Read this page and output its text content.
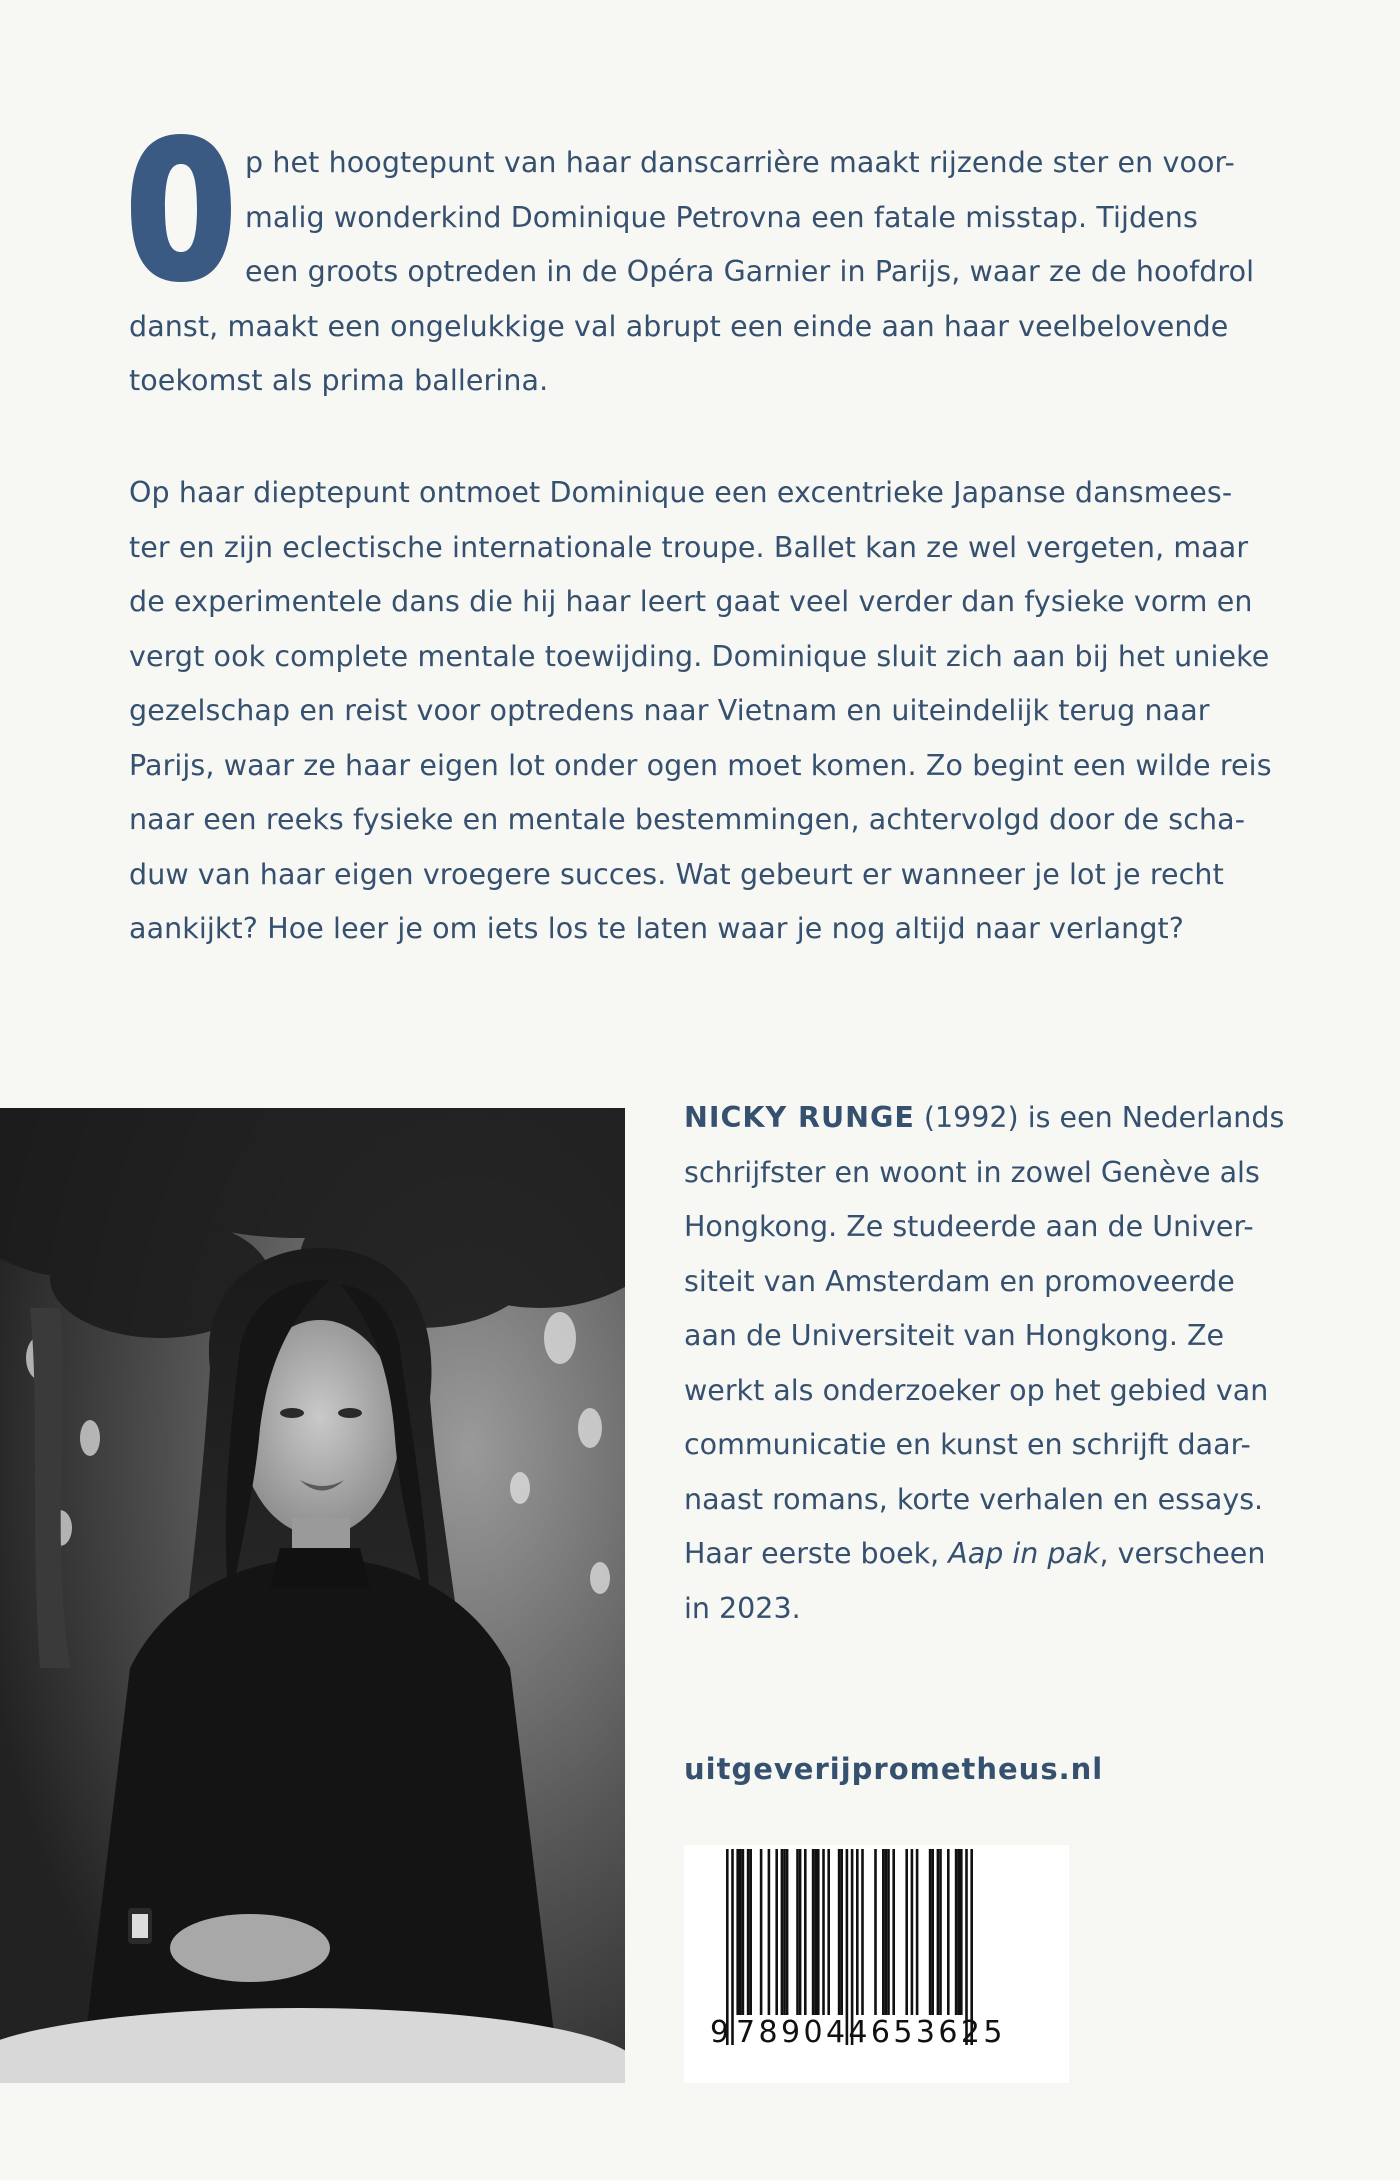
p het hoogtepunt van haar danscarrière maakt rijzende ster en voor-
malig wonderkind Dominique Petrovna een fatale misstap. Tijdens
een groots optreden in de Opéra Garnier in Parijs, waar ze de hoofdrol
danst, maakt een ongelukkige val abrupt een einde aan haar veelbelovende
toekomst als prima ballerina.
Op haar dieptepunt ontmoet Dominique een excentrieke Japanse dansmees-
ter en zijn eclectische internationale troupe. Ballet kan ze wel vergeten, maar
de experimentele dans die hij haar leert gaat veel verder dan fysieke vorm en
vergt ook complete mentale toewijding. Dominique sluit zich aan bij het unieke
gezelschap en reist voor optredens naar Vietnam en uiteindelijk terug naar
Parijs, waar ze haar eigen lot onder ogen moet komen. Zo begint een wilde reis
naar een reeks fysieke en mentale bestemmingen, achtervolgd door de scha-
duw van haar eigen vroegere succes. Wat gebeurt er wanneer je lot je recht
aankijkt? Hoe leer je om iets los te laten waar je nog altijd naar verlangt?
NICKY RUNGE (1992) is een Nederlands
schrijfster en woont in zowel Genève als
Hongkong. Ze studeerde aan de Univer-
siteit van Amsterdam en promoveerde
aan de Universiteit van Hongkong. Ze
werkt als onderzoeker op het gebied van
communicatie en kunst en schrijft daar-
naast romans, korte verhalen en essays.
Haar eerste boek, Aap in pak, verscheen
in 2023.
uitgeverijprometheus.nl
9 789044653625
